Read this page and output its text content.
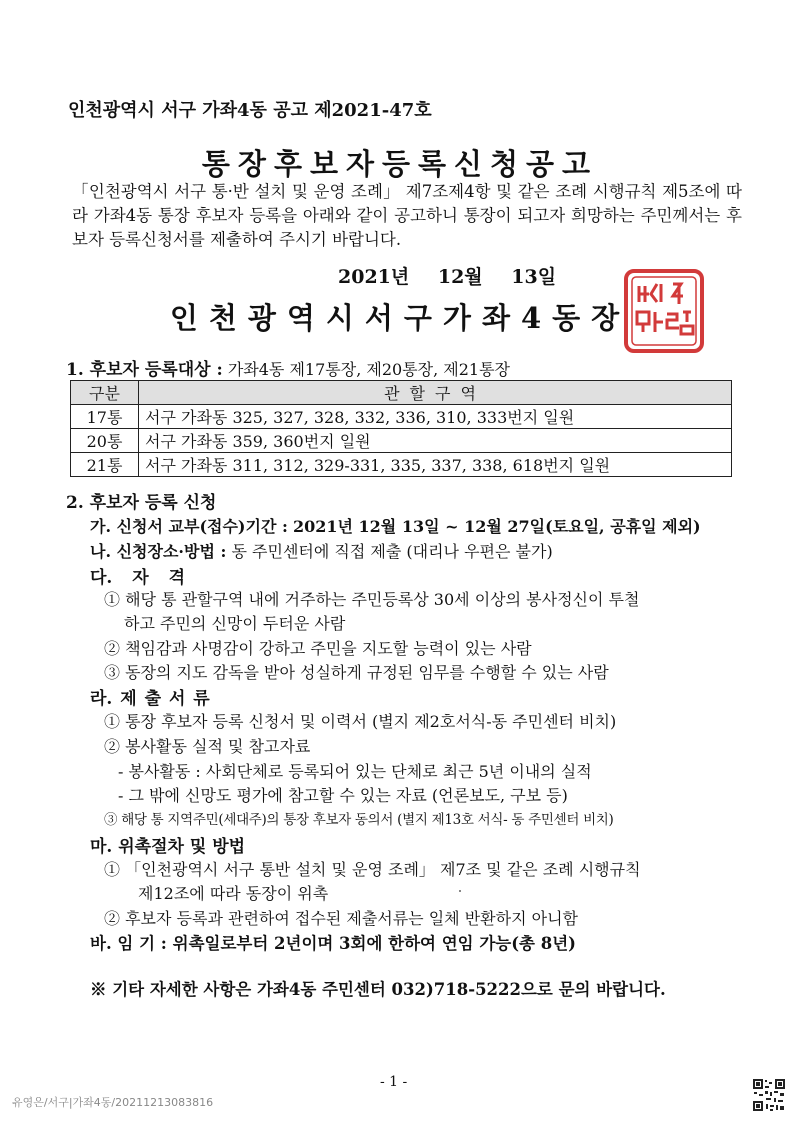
인천광역시 서구 가좌4동 공고 제2021-47호
통장후보자등록신청공고
「인천광역시 서구 통·반 설치 및 운영 조례」 제7조제4항 및 같은 조례 시행규칙 제5조에 따라 가좌4동 통장 후보자 등록을 아래와 같이 공고하니 통장이 되고자 희망하는 주민께서는 후보자 등록신청서를 제출하여 주시기 바랍니다.
2021년 12월 13일
인천광역시서구가좌4동장
1. 후보자 등록대상 : 가좌4동 제17통장, 제20통장, 제21통장
구분	관할구역
17통	서구 가좌동 325, 327, 328, 332, 336, 310, 333번지 일원
20통	서구 가좌동 359, 360번지 일원
21통	서구 가좌동 311, 312, 329-331, 335, 337, 338, 618번지 일원
2. 후보자 등록 신청
가. 신청서 교부(접수)기간 : 2021년 12월 13일 ~ 12월 27일(토요일, 공휴일 제외)
나. 신청장소·방법 : 동 주민센터에 직접 제출 (대리나 우편은 불가)
다. 자 격
① 해당 통 관할구역 내에 거주하는 주민등록상 30세 이상의 봉사정신이 투철
하고 주민의 신망이 두터운 사람
② 책임감과 사명감이 강하고 주민을 지도할 능력이 있는 사람
③ 동장의 지도 감독을 받아 성실하게 규정된 임무를 수행할 수 있는 사람
라. 제 출 서 류
① 통장 후보자 등록 신청서 및 이력서 (별지 제2호서식-동 주민센터 비치)
② 봉사활동 실적 및 참고자료
- 봉사활동 : 사회단체로 등록되어 있는 단체로 최근 5년 이내의 실적
- 그 밖에 신망도 평가에 참고할 수 있는 자료 (언론보도, 구보 등)
③ 해당 통 지역주민(세대주)의 통장 후보자 동의서 (별지 제13호 서식- 동 주민센터 비치)
마. 위촉절차 및 방법
① 「인천광역시 서구 통반 설치 및 운영 조례」 제7조 및 같은 조례 시행규칙
제12조에 따라 동장이 위촉
② 후보자 등록과 관련하여 접수된 제출서류는 일체 반환하지 아니함
바. 임 기 : 위촉일로부터 2년이며 3회에 한하여 연임 가능(총 8년)
※ 기타 자세한 사항은 가좌4동 주민센터 032)718-5222으로 문의 바랍니다.
- 1 -
유영은/서구|가좌4동/20211213083816
